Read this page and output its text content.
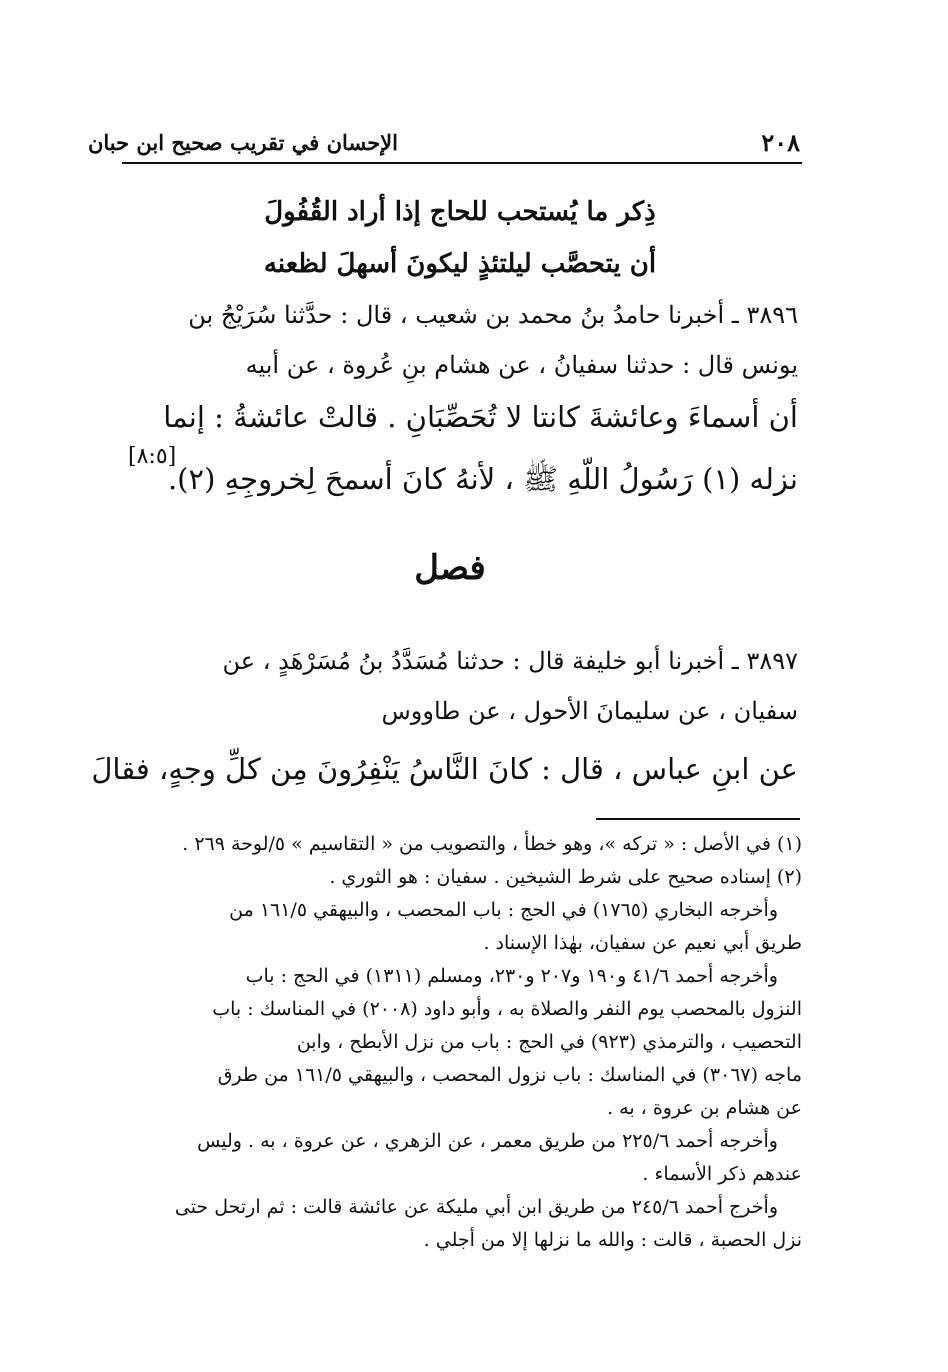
٢٠٨
الإحسان في تقريب صحيح ابن حبان
ذِكر ما يُستحب للحاج إذا أراد القُفُولَ
أن يتحصَّب ليلتئذٍ ليكونَ أسهلَ لظعنه
٣٨٩٦ ـ أخبرنا حامدُ بنُ محمد بن شعيب ، قال : حدَّثنا سُرَيْجُ بن
يونس قال : حدثنا سفيانُ ، عن هشام بنِ عُروة ، عن أبيه
أن أسماءَ وعائشةَ كانتا لا تُحَصِّبَانِ . قالتْ عائشةُ : إنما
نزله (١) رَسُولُ اللّهِ ﷺ ، لأنهُ كانَ أسمحَ لِخروجِهِ (٢).
[٨:٥]
فصل
٣٨٩٧ ـ أخبرنا أبو خليفة قال : حدثنا مُسَدَّدُ بنُ مُسَرْهَدٍ ، عن
سفيان ، عن سليمانَ الأحول ، عن طاووس
عن ابنِ عباس ، قال : كانَ النَّاسُ يَنْفِرُونَ مِن كلِّ وجهٍ، فقالَ
(١) في الأصل : « تركه »، وهو خطأ ، والتصويب من « التقاسيم » ٥/لوحة ٢٦٩ .
(٢) إسناده صحيح على شرط الشيخين . سفيان : هو الثوري .
وأخرجه البخاري (١٧٦٥) في الحج : باب المحصب ، والبيهقي ١٦١/٥ من
طريق أبي نعيم عن سفيان، بهٰذا الإسناد .
وأخرجه أحمد ٤١/٦ و١٩٠ و٢٠٧ و٢٣٠، ومسلم (١٣١١) في الحج : باب
النزول بالمحصب يوم النفر والصلاة به ، وأبو داود (٢٠٠٨) في المناسك : باب
التحصيب ، والترمذي (٩٢٣) في الحج : باب من نزل الأبطح ، وابن
ماجه (٣٠٦٧) في المناسك : باب نزول المحصب ، والبيهقي ١٦١/٥ من طرق
عن هشام بن عروة ، به .
وأخرجه أحمد ٢٢٥/٦ من طريق معمر ، عن الزهري ، عن عروة ، به . وليس
عندهم ذكر الأسماء .
وأخرج أحمد ٢٤٥/٦ من طريق ابن أبي مليكة عن عائشة قالت : ثم ارتحل حتى
نزل الحصبة ، قالت : والله ما نزلها إلا من أجلي .
